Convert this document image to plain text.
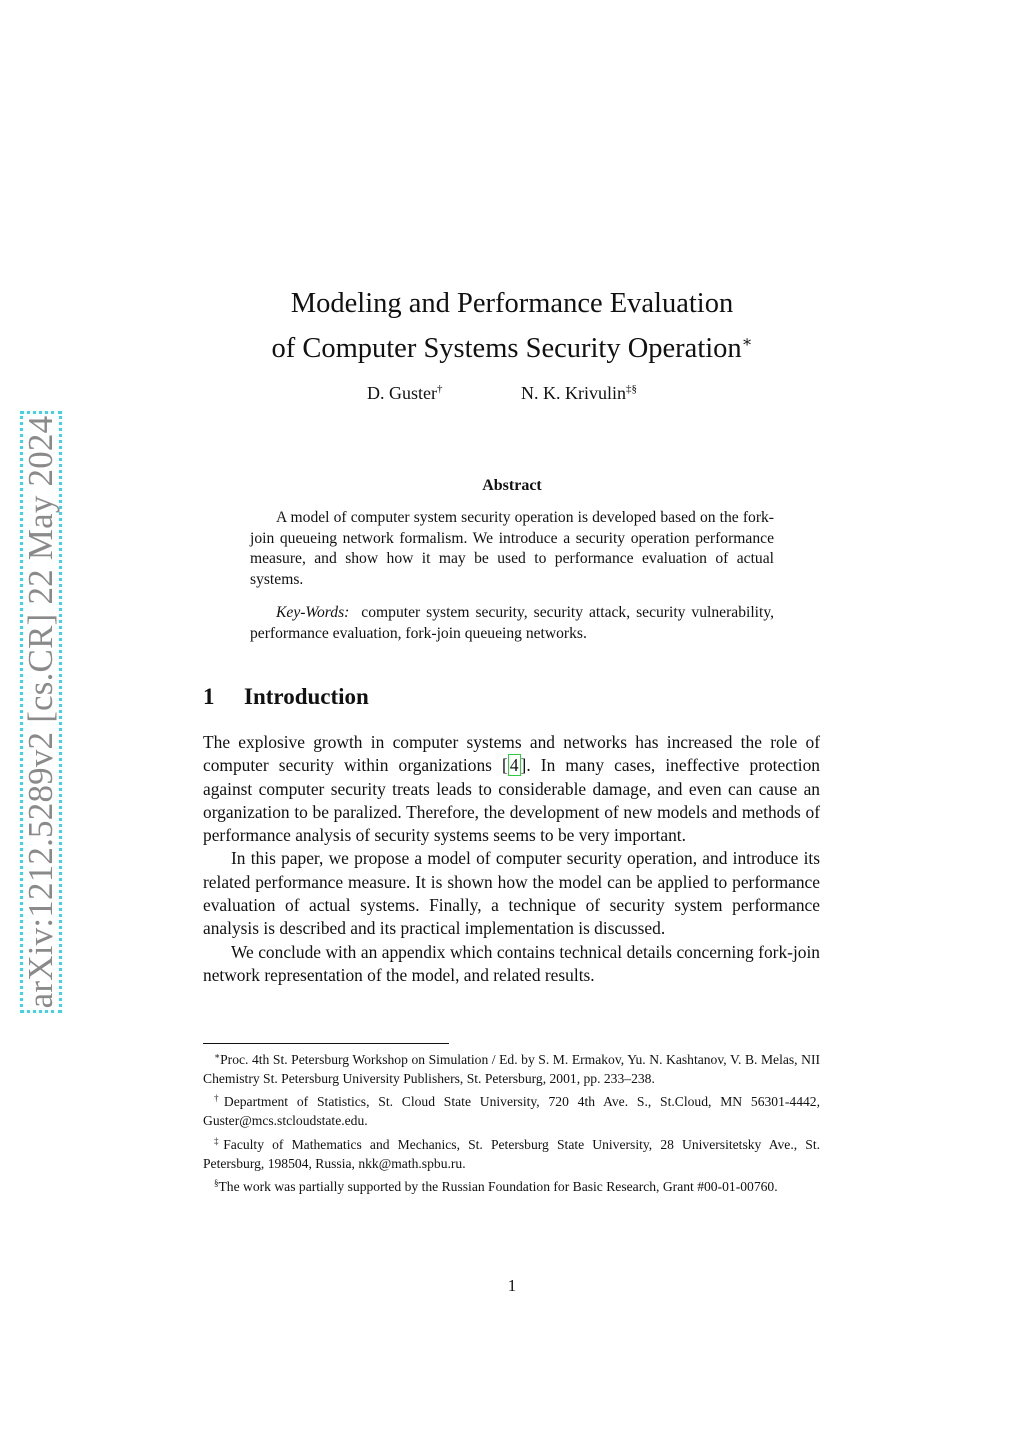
arXiv:1212.5289v2 [cs.CR] 22 May 2024
Modeling and Performance Evaluation
of Computer Systems Security Operation∗
D. Guster†	N. K. Krivulin‡§
Abstract

A model of computer system security operation is developed based on the fork-join queueing network formalism. We introduce a security operation performance measure, and show how it may be used to performance evaluation of actual systems.

Key-Words: computer system security, security attack, security vulnerability, performance evaluation, fork-join queueing networks.

1 Introduction

The explosive growth in computer systems and networks has increased the role of computer security within organizations [ 4 ]. In many cases, ineffective protection against computer security treats leads to considerable damage, and even can cause an organization to be paralized. Therefore, the development of new models and methods of performance analysis of security systems seems to be very important.

In this paper, we propose a model of computer security operation, and introduce its related performance measure. It is shown how the model can be applied to performance evaluation of actual systems. Finally, a technique of security system performance analysis is described and its practical implementation is discussed.

We conclude with an appendix which contains technical details concerning fork-join network representation of the model, and related results.

∗Proc. 4th St. Petersburg Workshop on Simulation / Ed. by S. M. Ermakov, Yu. N. Kashtanov, V. B. Melas, NII Chemistry St. Petersburg University Publishers, St. Petersburg, 2001, pp. 233–238.

†Department of Statistics, St. Cloud State University, 720 4th Ave. S., St.Cloud, MN 56301-4442, Guster@mcs.stcloudstate.edu.

‡Faculty of Mathematics and Mechanics, St. Petersburg State University, 28 Universitetsky Ave., St. Petersburg, 198504, Russia, nkk@math.spbu.ru.

§The work was partially supported by the Russian Foundation for Basic Research, Grant #00-01-00760.

1
